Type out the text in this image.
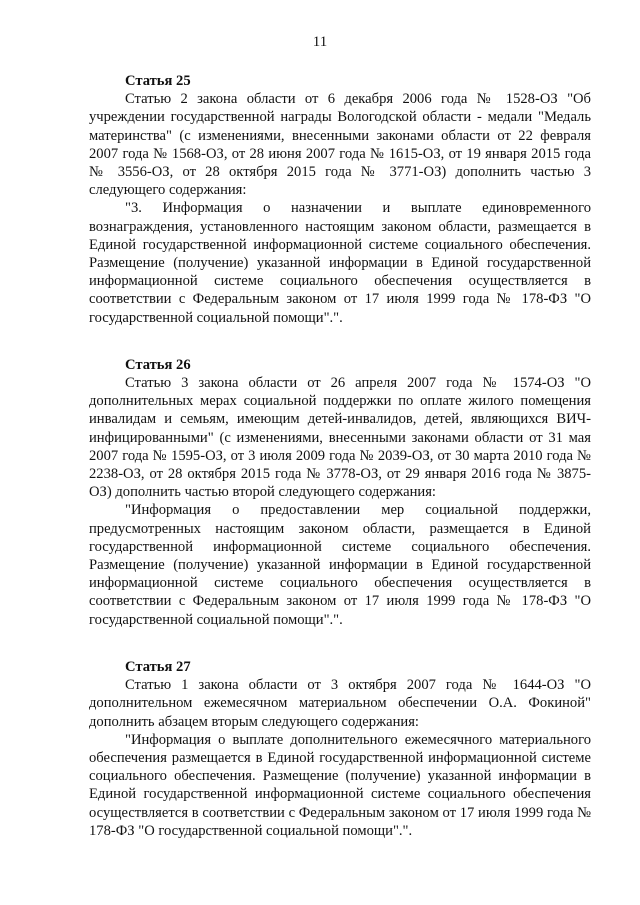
11

Статья 25

Статью 2 закона области от 6 декабря 2006 года № 1528-ОЗ "Об учреждении государственной награды Вологодской области - медали "Медаль материнства" (с изменениями, внесенными законами области от 22 февраля 2007 года № 1568-ОЗ, от 28 июня 2007 года № 1615-ОЗ, от 19 января 2015 года № 3556-ОЗ, от 28 октября 2015 года № 3771-ОЗ) дополнить частью 3 следующего содержания:

"3. Информация о назначении и выплате единовременного вознаграждения, установленного настоящим законом области, размещается в Единой государственной информационной системе социального обеспечения. Размещение (получение) указанной информации в Единой государственной информационной системе социального обеспечения осуществляется в соответствии с Федеральным законом от 17 июля 1999 года № 178-ФЗ "О государственной социальной помощи".".

Статья 26

Статью 3 закона области от 26 апреля 2007 года № 1574-ОЗ "О дополнительных мерах социальной поддержки по оплате жилого помещения инвалидам и семьям, имеющим детей-инвалидов, детей, являющихся ВИЧ-инфицированными" (с изменениями, внесенными законами области от 31 мая 2007 года № 1595-ОЗ, от 3 июля 2009 года № 2039-ОЗ, от 30 марта 2010 года № 2238-ОЗ, от 28 октября 2015 года № 3778-ОЗ, от 29 января 2016 года № 3875-ОЗ) дополнить частью второй следующего содержания:

"Информация о предоставлении мер социальной поддержки, предусмотренных настоящим законом области, размещается в Единой государственной информационной системе социального обеспечения. Размещение (получение) указанной информации в Единой государственной информационной системе социального обеспечения осуществляется в соответствии с Федеральным законом от 17 июля 1999 года № 178-ФЗ "О государственной социальной помощи".".

Статья 27

Статью 1 закона области от 3 октября 2007 года № 1644-ОЗ "О дополнительном ежемесячном материальном обеспечении О.А. Фокиной" дополнить абзацем вторым следующего содержания:

"Информация о выплате дополнительного ежемесячного материального обеспечения размещается в Единой государственной информационной системе социального обеспечения. Размещение (получение) указанной информации в Единой государственной информационной системе социального обеспечения осуществляется в соответствии с Федеральным законом от 17 июля 1999 года № 178-ФЗ "О государственной социальной помощи".".
